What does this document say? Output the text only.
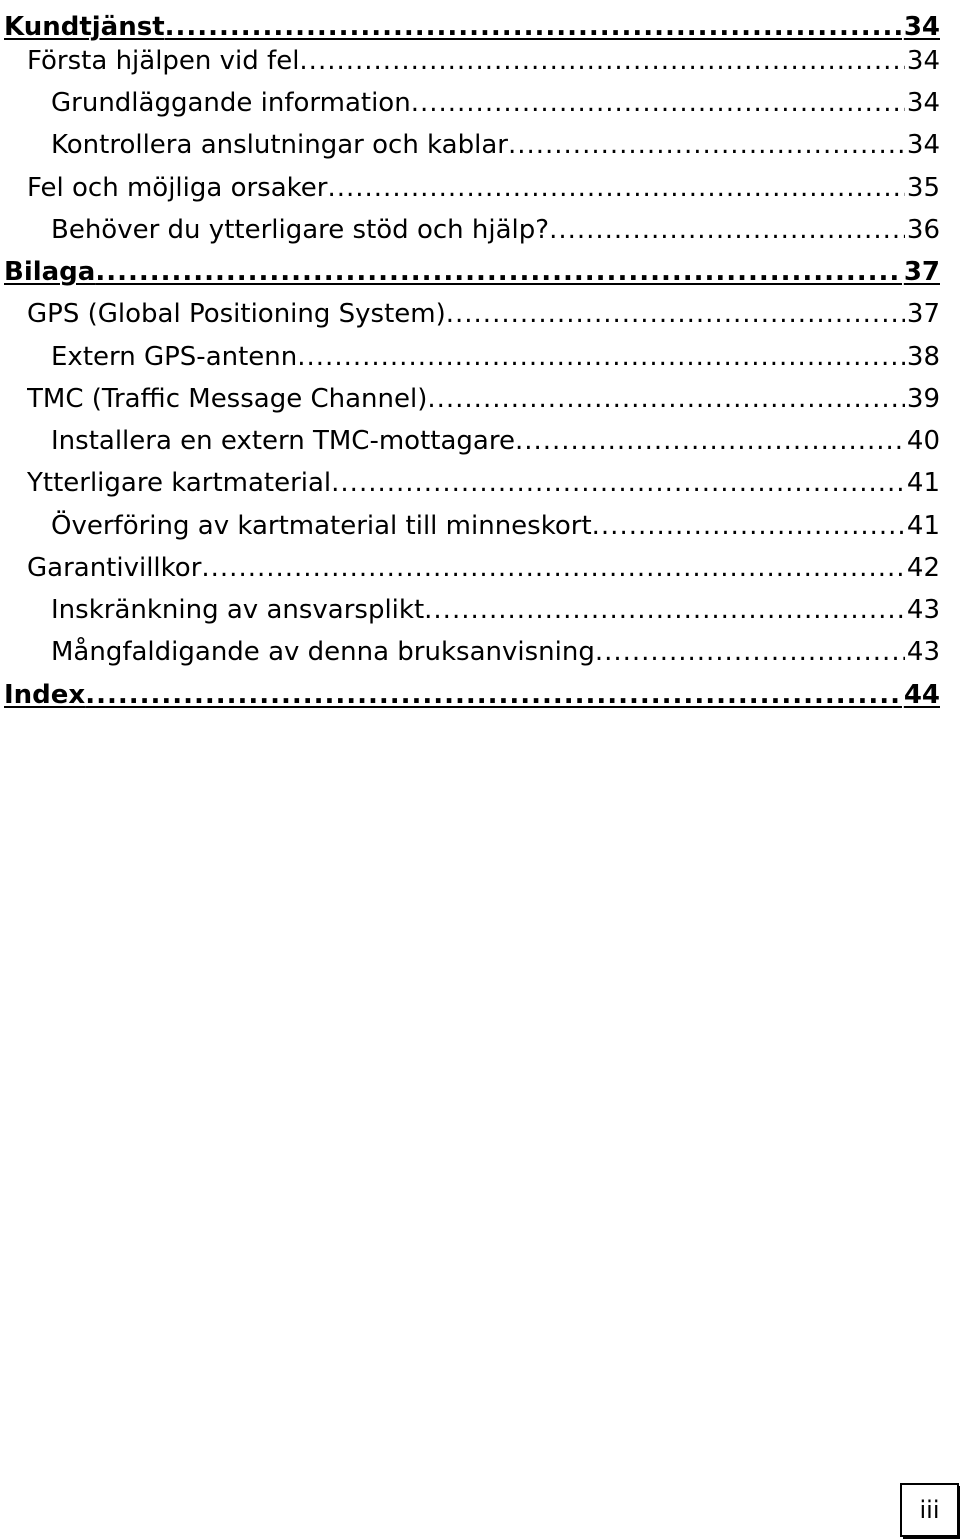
Kundtjänst .....	34
Första hjälpen vid fel .....	34
Grundläggande information .....	34
Kontrollera anslutningar och kablar .....	34
Fel och möjliga orsaker .....	35
Behöver du ytterligare stöd och hjälp? .....	36
Bilaga .....	37
GPS (Global Positioning System) .....	37
Extern GPS-antenn .....	38
TMC (Traffic Message Channel) .....	39
Installera en extern TMC-mottagare .....	40
Ytterligare kartmaterial .....	41
Överföring av kartmaterial till minneskort .....	41
Garantivillkor .....	42
Inskränkning av ansvarsplikt .....	43
Mångfaldigande av denna bruksanvisning .....	43
Index .....	44
iii
